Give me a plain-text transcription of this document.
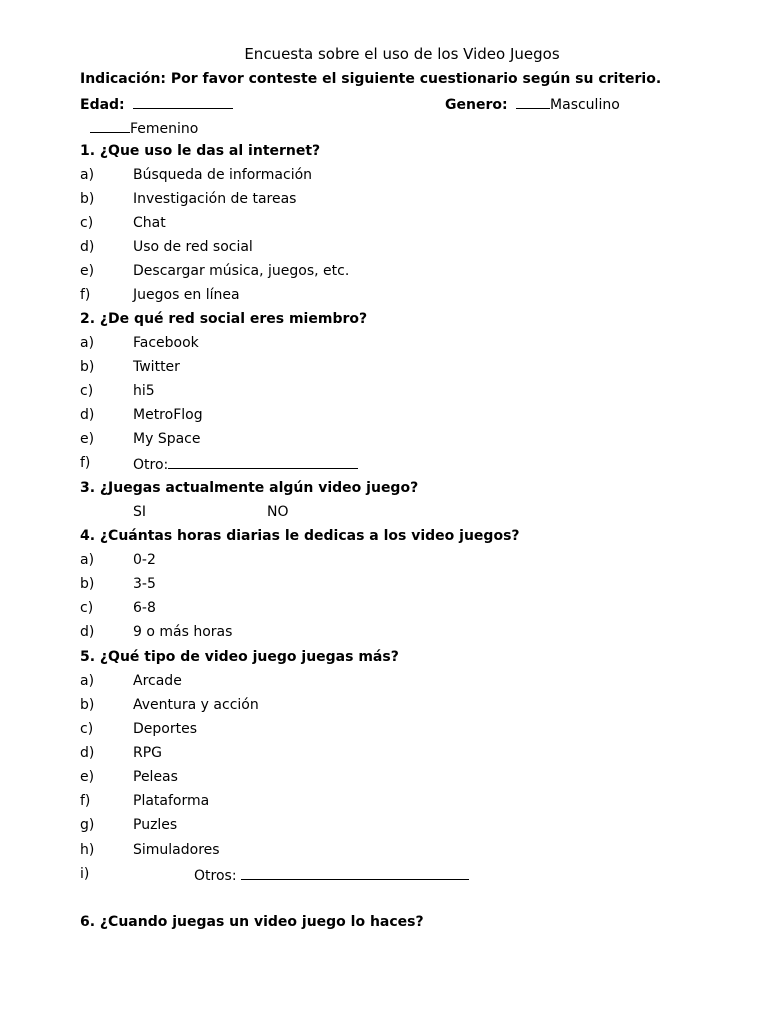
Encuesta sobre el uso de los Video Juegos
Indicación: Por favor conteste el siguiente cuestionario según su criterio.
Edad:	Genero:	Masculino
Femenino
1. ¿Que uso le das al internet?
a)	Búsqueda de información
b)	Investigación de tareas
c)	Chat
d)	Uso de red social
e)	Descargar música, juegos, etc.
f)	Juegos en línea
2. ¿De qué red social eres miembro?
a)	Facebook
b)	Twitter
c)	hi5
d)	MetroFlog
e)	My Space
f)	Otro:
3. ¿Juegas actualmente algún video juego?
SI	NO
4. ¿Cuántas horas diarias le dedicas a los video juegos?
a)	0-2
b)	3-5
c)	6-8
d)	9 o más horas
5. ¿Qué tipo de video juego juegas más?
a)	Arcade
b)	Aventura y acción
c)	Deportes
d)	RPG
e)	Peleas
f)	Plataforma
g)	Puzles
h)	Simuladores
i)	Otros:
6. ¿Cuando juegas un video juego lo haces?
